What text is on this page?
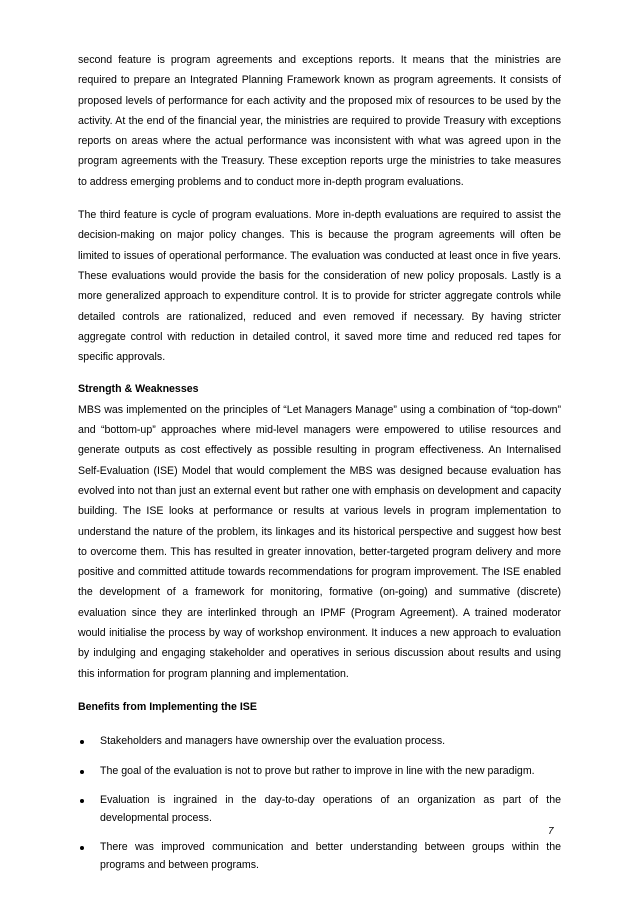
second feature is program agreements and exceptions reports. It means that the ministries are required to prepare an Integrated Planning Framework known as program agreements. It consists of proposed levels of performance for each activity and the proposed mix of resources to be used by the activity. At the end of the financial year, the ministries are required to provide Treasury with exceptions reports on areas where the actual performance was inconsistent with what was agreed upon in the program agreements with the Treasury. These exception reports urge the ministries to take measures to address emerging problems and to conduct more in-depth program evaluations.

The third feature is cycle of program evaluations. More in-depth evaluations are required to assist the decision-making on major policy changes. This is because the program agreements will often be limited to issues of operational performance. The evaluation was conducted at least once in five years. These evaluations would provide the basis for the consideration of new policy proposals. Lastly is a more generalized approach to expenditure control. It is to provide for stricter aggregate controls while detailed controls are rationalized, reduced and even removed if necessary. By having stricter aggregate control with reduction in detailed control, it saved more time and reduced red tapes for specific approvals.

Strength & Weaknesses

MBS was implemented on the principles of “Let Managers Manage” using a combination of “top-down” and “bottom-up” approaches where mid-level managers were empowered to utilise resources and generate outputs as cost effectively as possible resulting in program effectiveness. An Internalised Self-Evaluation (ISE) Model that would complement the MBS was designed because evaluation has evolved into not than just an external event but rather one with emphasis on development and capacity building. The ISE looks at performance or results at various levels in program implementation to understand the nature of the problem, its linkages and its historical perspective and suggest how best to overcome them. This has resulted in greater innovation, better-targeted program delivery and more positive and committed attitude towards recommendations for program improvement. The ISE enabled the development of a framework for monitoring, formative (on-going) and summative (discrete) evaluation since they are interlinked through an IPMF (Program Agreement). A trained moderator would initialise the process by way of workshop environment. It induces a new approach to evaluation by indulging and engaging stakeholder and operatives in serious discussion about results and using this information for program planning and implementation.

Benefits from Implementing the ISE
Stakeholders and managers have ownership over the evaluation process.
The goal of the evaluation is not to prove but rather to improve in line with the new paradigm.
Evaluation is ingrained in the day-to-day operations of an organization as part of the developmental process.
There was improved communication and better understanding between groups within the programs and between programs.
7
